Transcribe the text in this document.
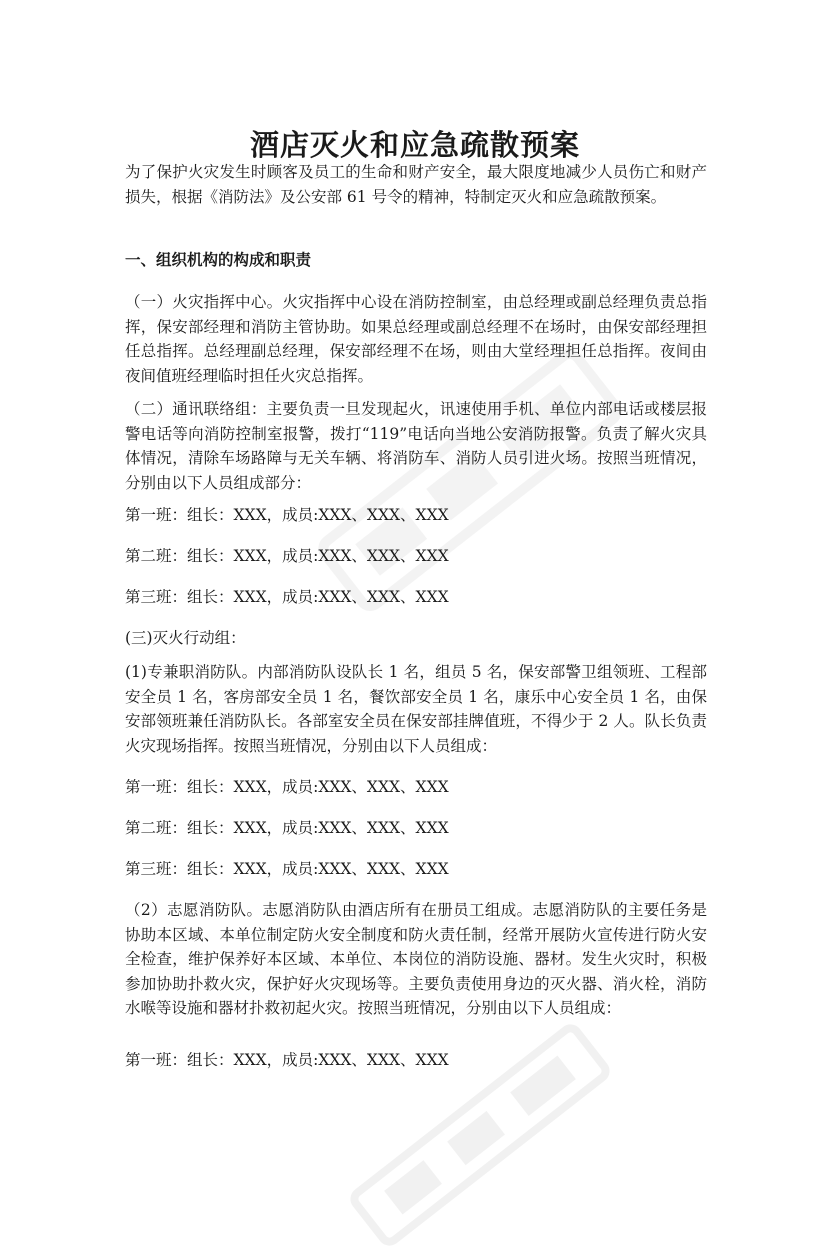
酒店灭火和应急疏散预案

为了保护火灾发生时顾客及员工的生命和财产安全，最大限度地减少人员伤亡和财产损失，根据《消防法》及公安部 61 号令的精神，特制定灭火和应急疏散预案。

一、组织机构的构成和职责

（一）火灾指挥中心。火灾指挥中心设在消防控制室，由总经理或副总经理负责总指挥，保安部经理和消防主管协助。如果总经理或副总经理不在场时，由保安部经理担任总指挥。总经理副总经理，保安部经理不在场，则由大堂经理担任总指挥。夜间由夜间值班经理临时担任火灾总指挥。

（二）通讯联络组：主要负责一旦发现起火，讯速使用手机、单位内部电话或楼层报警电话等向消防控制室报警，拨打“119”电话向当地公安消防报警。负责了解火灾具体情况，清除车场路障与无关车辆、将消防车、消防人员引进火场。按照当班情况，分别由以下人员组成部分：

第一班：组长：XXX，成员:XXX、XXX、XXX

第二班：组长：XXX，成员:XXX、XXX、XXX

第三班：组长：XXX，成员:XXX、XXX、XXX

(三)灭火行动组：

(1)专兼职消防队。内部消防队设队长 1 名，组员 5 名，保安部警卫组领班、工程部安全员 1 名，客房部安全员 1 名，餐饮部安全员 1 名，康乐中心安全员 1 名，由保安部领班兼任消防队长。各部室安全员在保安部挂牌值班，不得少于 2 人。队长负责火灾现场指挥。按照当班情况，分别由以下人员组成：

第一班：组长：XXX，成员:XXX、XXX、XXX

第二班：组长：XXX，成员:XXX、XXX、XXX

第三班：组长：XXX，成员:XXX、XXX、XXX

（2）志愿消防队。志愿消防队由酒店所有在册员工组成。志愿消防队的主要任务是协助本区域、本单位制定防火安全制度和防火责任制，经常开展防火宣传进行防火安全检查，维护保养好本区域、本单位、本岗位的消防设施、器材。发生火灾时，积极参加协助扑救火灾，保护好火灾现场等。主要负责使用身边的灭火器、消火栓，消防水喉等设施和器材扑救初起火灾。按照当班情况，分别由以下人员组成：

第一班：组长：XXX，成员:XXX、XXX、XXX
